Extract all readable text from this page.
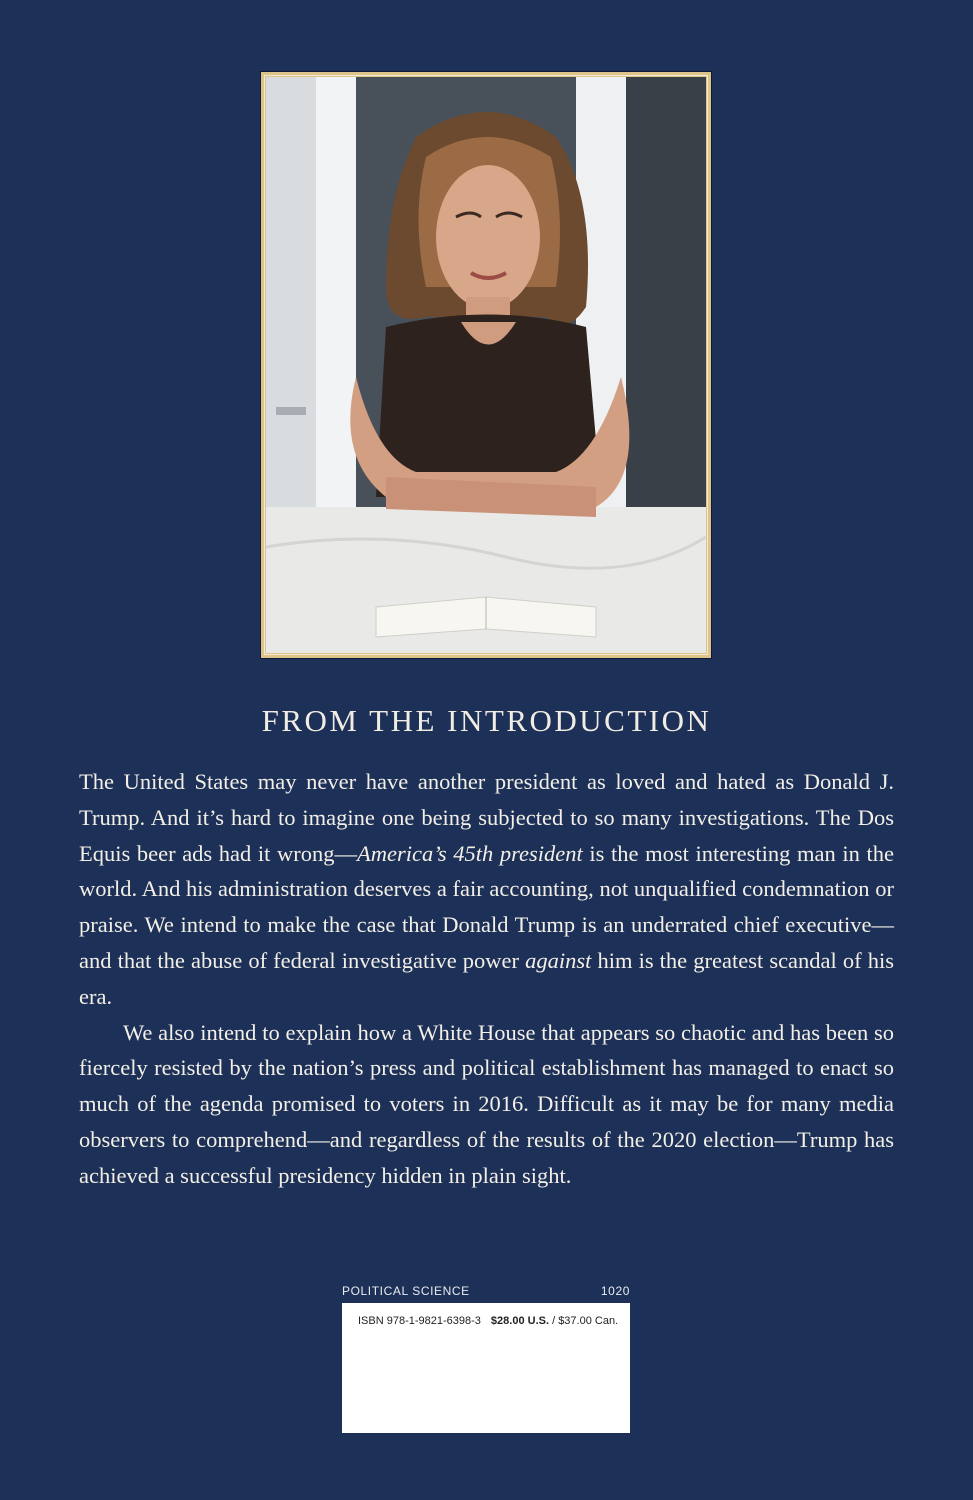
FROM THE INTRODUCTION

The United States may never have another president as loved and hated as Donald J. Trump. And it’s hard to imagine one being subjected to so many investigations. The Dos Equis beer ads had it wrong—America’s 45th president is the most interesting man in the world. And his administration deserves a fair accounting, not unqualified condemnation or praise. We intend to make the case that Donald Trump is an underrated chief executive—and that the abuse of federal investigative power against him is the greatest scandal of his era.

We also intend to explain how a White House that appears so chaotic and has been so fiercely resisted by the nation’s press and political establishment has managed to enact so much of the agenda promised to voters in 2016. Difficult as it may be for many media observers to comprehend—and regardless of the results of the 2020 election—Trump has achieved a successful presidency hidden in plain sight.

POLITICAL SCIENCE	1020
ISBN 978-1-9821-6398-3 $28.00 U.S. / $37.00 Can.
